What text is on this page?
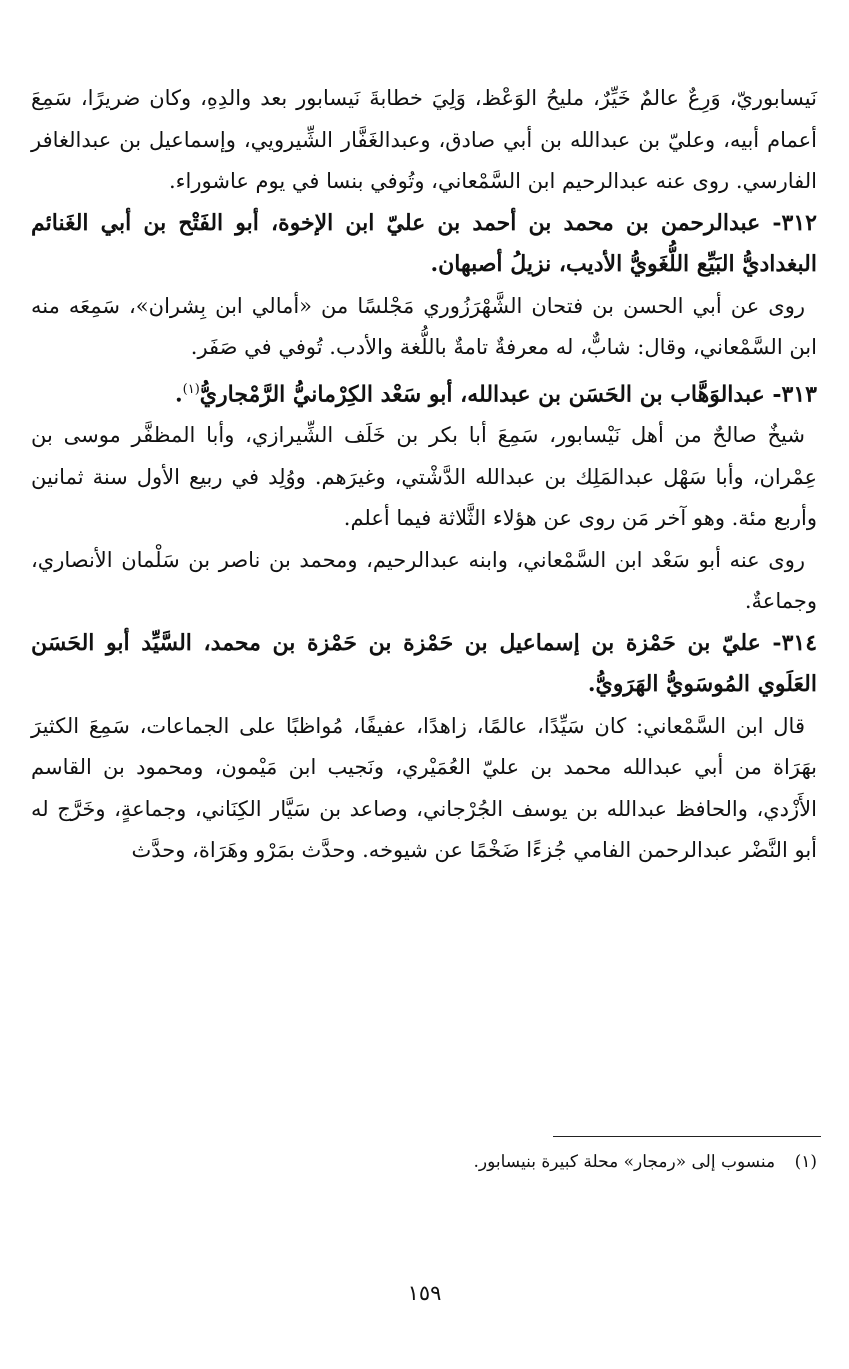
نَيسابوريّ، وَرِعٌ عالمٌ خَيِّرٌ، مليحُ الوَعْظ، وَلِيَ خطابةَ نَيسابور بعد والدِهِ، وكان ضريرًا، سَمِعَ أعمام أبيه، وعليّ بن عبدالله بن أبي صادق، وعبدالغَفَّار الشِّيرويي، وإسماعيل بن عبدالغافر الفارسي. روى عنه عبدالرحيم ابن السَّمْعاني، وتُوفي بنسا في يوم عاشوراء.

٣١٢- عبدالرحمن بن محمد بن أحمد بن عليّ ابن الإخوة، أبو الفَتْح بن أبي الغَنائم البغداديُّ البَيِّع اللُّغَويُّ الأديب، نزيلُ أصبهان.

روى عن أبي الحسن بن فتحان الشَّهْرَزُوري مَجْلسًا من «أمالي ابن بِشران»، سَمِعَه منه ابن السَّمْعاني، وقال: شابٌّ، له معرفةٌ تامةٌ باللُّغة والأدب. تُوفي في صَفَر.

٣١٣- عبدالوَهَّاب بن الحَسَن بن عبدالله، أبو سَعْد الكِرْمانيُّ الرَّمْجاريُّ$^{(١)}$.

شيخٌ صالحٌ من أهل نَيْسابور، سَمِعَ أبا بكر بن خَلَف الشِّيرازي، وأبا المظفَّر موسى بن عِمْران، وأبا سَهْل عبدالمَلِك بن عبدالله الدَّشْتي، وغيرَهم. ووُلِد في ربيع الأول سنة ثمانين وأربع مئة. وهو آخر مَن روى عن هؤلاء الثَّلاثة فيما أعلم.

روى عنه أبو سَعْد ابن السَّمْعاني، وابنه عبدالرحيم، ومحمد بن ناصر بن سَلْمان الأنصاري، وجماعةٌ.

٣١٤- عليّ بن حَمْزة بن إسماعيل بن حَمْزة بن حَمْزة بن محمد، السَّيِّد أبو الحَسَن العَلَوي المُوسَويُّ الهَرَويُّ.

قال ابن السَّمْعاني: كان سَيِّدًا، عالمًا، زاهدًا، عفيفًا، مُواظبًا على الجماعات، سَمِعَ الكثيرَ بهَرَاة من أبي عبدالله محمد بن عليّ العُمَيْري، ونَجيب ابن مَيْمون، ومحمود بن القاسم الأَزْدي، والحافظ عبدالله بن يوسف الجُرْجاني، وصاعد بن سَيَّار الكِنَاني، وجماعةٍ، وخَرَّج له أبو النَّضْر عبدالرحمن الفامي جُزءًا ضَخْمًا عن شيوخه. وحدَّث بمَرْو وهَرَاة، وحدَّث

(١) منسوب إلى «رمجار» محلة كبيرة بنيسابور.
١٥٩
